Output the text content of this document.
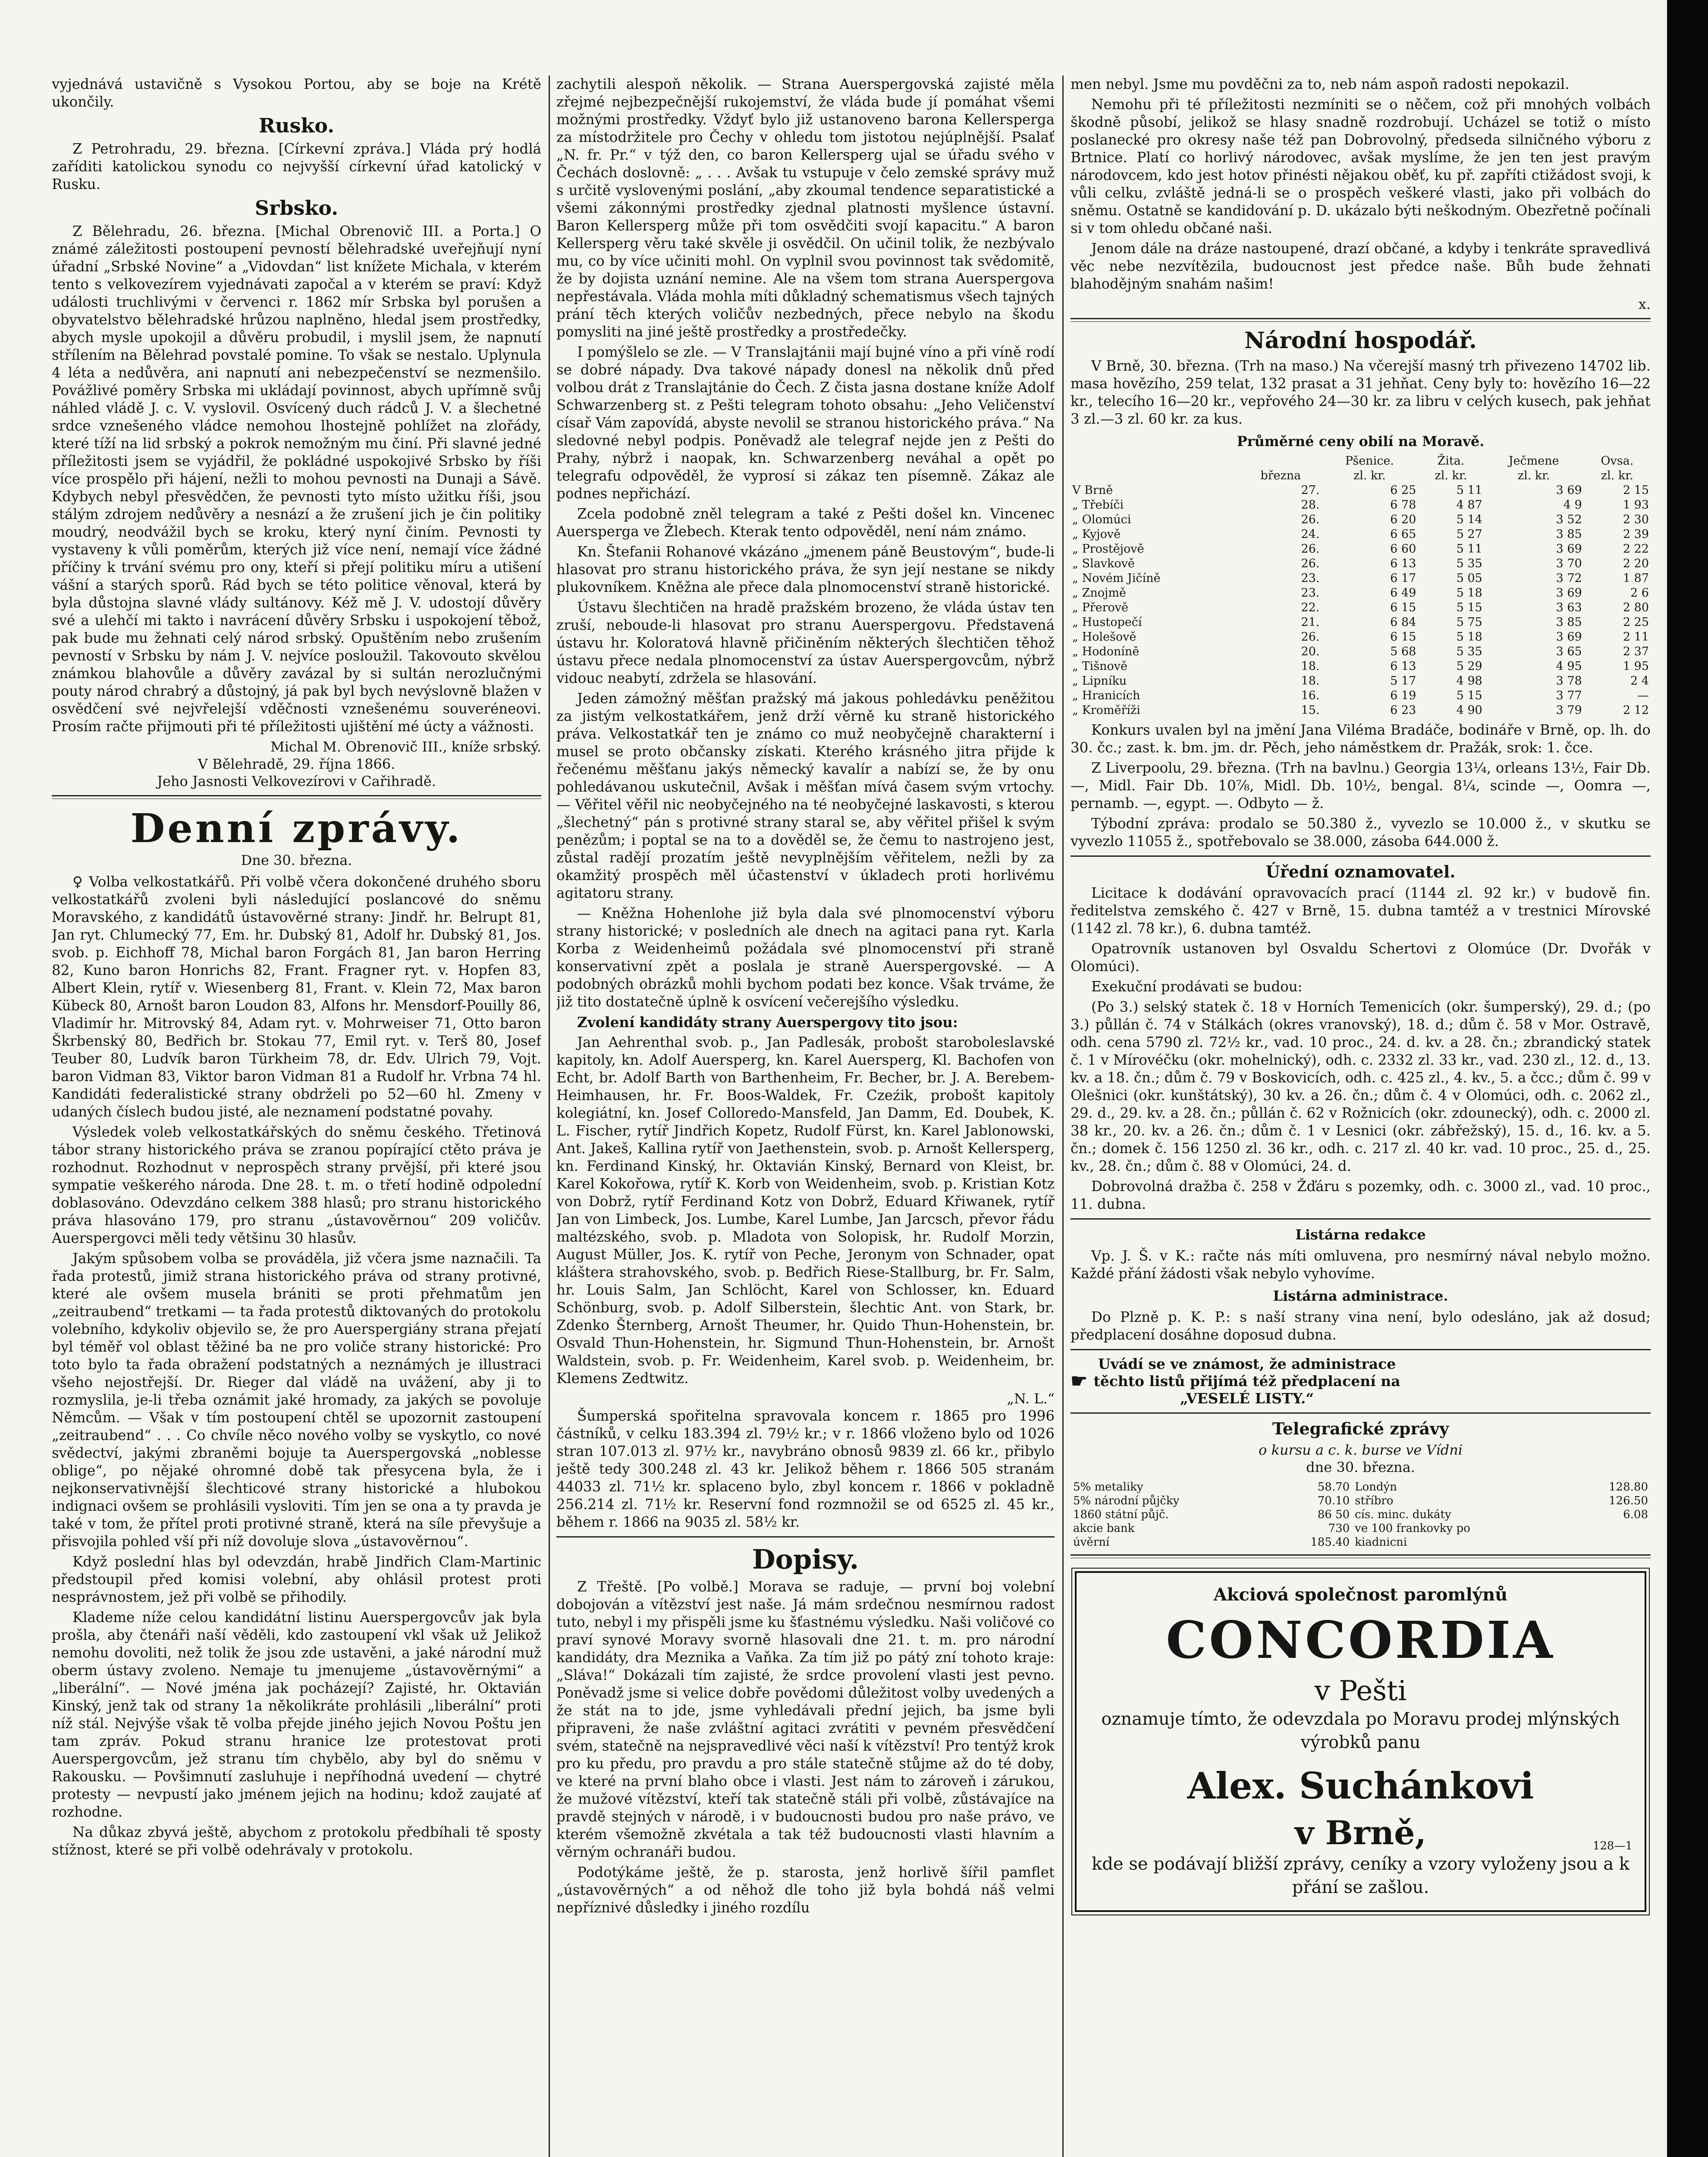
vyjednává ustavičně s Vysokou Portou, aby se boje na Krétě ukončily.

Rusko.

Z Petrohradu, 29. března. [Církevní zpráva.] Vláda prý hodlá zaříditi katolickou synodu co nejvyšší církevní úřad katolický v Rusku.

Srbsko.

Z Bělehradu, 26. března. [Michal Obrenovič III. a Porta.] O známé záležitosti postoupení pevností bělehradské uveřejňují nyní úřadní „Srbské Novine“ a „Vidovdan“ list knížete Michala, v kterém tento s velkovezírem vyjednávati započal a v kterém se praví: Když události truchlivými v červenci r. 1862 mír Srbska byl porušen a obyvatelstvo bělehradské hrůzou naplněno, hledal jsem prostředky, abych mysle upokojil a důvěru probudil, i myslil jsem, že napnutí střílením na Bělehrad povstalé pomine. To však se nestalo. Uplynula 4 léta a nedůvěra, ani napnutí ani nebezpečenství se nezmenšilo. Povážlivé poměry Srbska mi ukládají povinnost, abych upřímně svůj náhled vládě J. c. V. vyslovil. Osvícený duch rádců J. V. a šlechetné srdce vznešeného vládce nemohou lhostejně pohlížet na zlořády, které tíží na lid srbský a pokrok nemožným mu činí. Při slavné jedné příležitosti jsem se vyjádřil, že pokládné uspokojivé Srbsko by říši více prospělo při hájení, nežli to mohou pevnosti na Dunaji a Sávě. Kdybych nebyl přesvědčen, že pevnosti tyto místo užitku říši, jsou stálým zdrojem nedůvěry a nesnází a že zrušení jich je čin politiky moudrý, neodvážil bych se kroku, který nyní činím. Pevnosti ty vystaveny k vůli poměrům, kterých již více není, nemají více žádné příčiny k trvání svému pro ony, kteří si přejí politiku míru a utišení vášní a starých sporů. Rád bych se této politice věnoval, která by byla důstojna slavné vlády sultánovy. Kéž mě J. V. udostojí důvěry své a ulehčí mi takto i navrácení důvěry Srbsku i uspokojení těbož, pak bude mu žehnati celý národ srbský. Opuštěním nebo zrušením pevností v Srbsku by nám J. V. nejvíce posloužil. Takovouto skvělou známkou blahovůle a důvěry zavázal by si sultán nerozlučnými pouty národ chrabrý a důstojný, já pak byl bych nevýslovně blažen v osvědčení své nejvřelejší vděčnosti vznešenému souveréneovi. Prosím račte přijmouti při té příležitosti ujištění mé úcty a vážnosti.

Michal M. Obrenovič III., kníže srbský.

V Bělehradě, 29. října 1866.

Jeho Jasnosti Velkovezírovi v Cařihradě.

Denní zprávy.
Dne 30. března.

♀ Volba velkostatkářů. Při volbě včera dokončené druhého sboru velkostatkářů zvoleni byli následující poslancové do sněmu Moravského, z kandidátů ústavověrné strany: Jindř. hr. Belrupt 81, Jan ryt. Chlumecký 77, Em. hr. Dubský 81, Adolf hr. Dubský 81, Jos. svob. p. Eichhoff 78, Michal baron Forgách 81, Jan baron Herring 82, Kuno baron Honrichs 82, Frant. Fragner ryt. v. Hopfen 83, Albert Klein, rytíř v. Wiesenberg 81, Frant. v. Klein 72, Max baron Kübeck 80, Arnošt baron Loudon 83, Alfons hr. Mensdorf-Pouilly 86, Vladimír hr. Mitrovský 84, Adam ryt. v. Mohrweiser 71, Otto baron Škrbenský 80, Bedřich br. Stokau 77, Emil ryt. v. Terš 80, Josef Teuber 80, Ludvík baron Türkheim 78, dr. Edv. Ulrich 79, Vojt. baron Vidman 83, Viktor baron Vidman 81 a Rudolf hr. Vrbna 74 hl. Kandidáti federalistické strany obdrželi po 52—60 hl. Zmeny v udaných číslech budou jisté, ale neznamení podstatné povahy.

Výsledek voleb velkostatkářských do sněmu českého. Třetinová tábor strany historického práva se zranou popírající ctěto práva je rozhodnut. Rozhodnut v neprospěch strany prvější, při které jsou sympatie veškerého národa. Dne 28. t. m. o třetí hodině odpolední doblasováno. Odevzdáno celkem 388 hlasů; pro stranu historického práva hlasováno 179, pro stranu „ústavověrnou“ 209 voličův. Auerspergovci měli tedy většinu 30 hlasův.

Jakým spůsobem volba se prováděla, již včera jsme naznačili. Ta řada protestů, jimiž strana historického práva od strany protivné, které ale ovšem musela brániti se proti přehmatům jen „zeitraubend“ tretkami — ta řada protestů diktovaných do protokolu volebního, kdykoliv objevilo se, že pro Auerspergiány strana přejatí byl téměř vol oblast těžiné ba ne pro voliče strany historické: Pro toto bylo ta řada obražení podstatných a neznámých je illustraci všeho nejostřejší. Dr. Rieger dal vládě na uvážení, aby ji to rozmyslila, je-li třeba oznámit jaké hromady, za jakých se povoluje Němcům. — Však v tím postoupení chtěl se upozornit zastoupení „zeitraubend“ . . . Co chvíle něco nového volby se vyskytlo, co nové svědectví, jakými zbraněmi bojuje ta Auerspergovská „noblesse oblige“, po nějaké ohromné době tak přesycena byla, že i nejkonservativnější šlechticové strany historické a hlubokou indignaci ovšem se prohlásili vysloviti. Tím jen se ona a ty pravda je také v tom, že přítel proti protivné straně, která na síle převyšuje a přisvojila pohled vší při níž dovoluje slova „ústavověrnou“.

Když poslední hlas byl odevzdán, hrabě Jindřich Clam-Martinic předstoupil před komisi volební, aby ohlásil protest proti nesprávnostem, jež při volbě se přihodily.

Klademe níže celou kandidátní listinu Auerspergovcův jak byla prošla, aby čtenáři naší věděli, kdo zastoupení vkl však už Jelikož nemohu dovoliti, než tolik že jsou zde ustavěni, a jaké národní muž oberm ústavy zvoleno. Nemaje tu jmenujeme „ústavověrnými“ a „liberální“. — Nové jména jak pocházejí? Zajisté, hr. Oktavián Kinský, jenž tak od strany 1a několikráte prohlásili „liberální“ proti níž stál. Nejvýše však tě volba přejde jiného jejich Novou Poštu jen tam zpráv. Pokud stranu hranice lze protestovat proti Auerspergovcům, jež stranu tím chybělo, aby byl do sněmu v Rakousku. — Povšimnutí zasluhuje i nepříhodná uvedení — chytré protesty — nevpustí jako jménem jejich na hodinu; kdož zaujaté ať rozhodne.

Na důkaz zbyvá ještě, abychom z protokolu předbíhali tě sposty stížnost, které se při volbě odehrávaly v protokolu.

zachytili alespoň několik. — Strana Auerspergovská zajisté měla zřejmé nejbezpečnější rukojemství, že vláda bude jí pomáhat všemi možnými prostředky. Vždyť bylo již ustanoveno barona Kellersperga za místodržitele pro Čechy v ohledu tom jistotou nejúplnější. Psalať „N. fr. Pr.“ v týž den, co baron Kellersperg ujal se úřadu svého v Čechách doslovně: „ . . . Avšak tu vstupuje v čelo zemské správy muž s určitě vyslovenými poslání, „aby zkoumal tendence separatistické a všemi zákonnými prostředky zjednal platnosti myšlence ústavní. Baron Kellersperg může při tom osvědčiti svojí kapacitu.“ A baron Kellersperg věru také skvěle ji osvědčil. On učinil tolik, že nezbývalo mu, co by více učiniti mohl. On vyplnil svou povinnost tak svědomitě, že by dojista uznání nemine. Ale na všem tom strana Auerspergova nepřestávala. Vláda mohla míti důkladný schematismus všech tajných prání těch kterých voličův nezbedných, přece nebylo na škodu pomysliti na jiné ještě prostředky a prostředečky.

I pomýšlelo se zle. — V Translajtánii mají bujné víno a při víně rodí se dobré nápady. Dva takové nápady donesl na několik dnů před volbou drát z Translajtánie do Čech. Z čista jasna dostane kníže Adolf Schwarzenberg st. z Pešti telegram tohoto obsahu: „Jeho Veličenství císař Vám zapovídá, abyste nevolil se stranou historického práva.“ Na sledovné nebyl podpis. Poněvadž ale telegraf nejde jen z Pešti do Prahy, nýbrž i naopak, kn. Schwarzenberg neváhal a opět po telegrafu odpověděl, že vyprosí si zákaz ten písemně. Zákaz ale podnes nepřichází.

Zcela podobně zněl telegram a také z Pešti došel kn. Vincenec Auersperga ve Žlebech. Kterak tento odpověděl, není nám známo.

Kn. Štefanii Rohanové vkázáno „jmenem páně Beustovým“, bude-li hlasovat pro stranu historického práva, že syn její nestane se nikdy plukovníkem. Kněžna ale přece dala plnomocenství straně historické.

Ústavu šlechtičen na hradě pražském brozeno, že vláda ústav ten zruší, neboude-li hlasovat pro stranu Auerspergovu. Představená ústavu hr. Koloratová hlavně přičiněním některých šlechtičen těhož ústavu přece nedala plnomocenství za ústav Auerspergovcům, nýbrž vidouc neabytí, zdržela se hlasování.

Jeden zámožný měšťan pražský má jakous pohledávku peněžitou za jistým velkostatkářem, jenž drží věrně ku straně historického práva. Velkostatkář ten je známo co muž neobyčejně charakterní i musel se proto občansky získati. Kterého krásného jitra přijde k řečenému měšťanu jakýs německý kavalír a nabízí se, že by onu pohledávanou uskutečnil, Avšak i měšťan mívá časem svým vrtochy. — Věřitel věřil nic neobyčejného na té neobyčejné laskavosti, s kterou „šlechetný“ pán s protivné strany staral se, aby věřitel přišel k svým penězům; i poptal se na to a dověděl se, že čemu to nastrojeno jest, zůstal radějí prozatím ještě nevyplnějším věřitelem, nežli by za okamžitý prospěch měl účastenství v úkladech proti horlivému agitatoru strany.

— Kněžna Hohenlohe již byla dala své plnomocenství výboru strany historické; v posledních ale dnech na agitaci pana ryt. Karla Korba z Weidenheimů požádala své plnomocenství při straně konservativní zpět a poslala je straně Auerspergovské. — A podobných obrázků mohli bychom podati bez konce. Však trváme, že již tito dostatečně úplně k osvícení večerejšího výsledku.

Zvolení kandidáty strany Auerspergovy tito jsou:

Jan Aehrenthal svob. p., Jan Padlesák, probošt staroboleslavské kapitoly, kn. Adolf Auersperg, kn. Karel Auersperg, Kl. Bachofen von Echt, br. Adolf Barth von Barthenheim, Fr. Becher, br. J. A. Berebem-Heimhausen, hr. Fr. Boos-Waldek, Fr. Czeźik, probošt kapitoly kolegiátní, kn. Josef Colloredo-Mansfeld, Jan Damm, Ed. Doubek, K. L. Fischer, rytíř Jindřich Kopetz, Rudolf Fürst, kn. Karel Jablonowski, Ant. Jakeš, Kallina rytíř von Jaethenstein, svob. p. Arnošt Kellersperg, kn. Ferdinand Kinský, hr. Oktavián Kinský, Bernard von Kleist, br. Karel Kokořowa, rytíř K. Korb von Weidenheim, svob. p. Kristian Kotz von Dobrž, rytíř Ferdinand Kotz von Dobrž, Eduard Křiwanek, rytíř Jan von Limbeck, Jos. Lumbe, Karel Lumbe, Jan Jarcsch, převor řádu maltézského, svob. p. Mladota von Solopisk, hr. Rudolf Morzin, August Müller, Jos. K. rytíř von Peche, Jeronym von Schnader, opat kláštera strahovského, svob. p. Bedřich Riese-Stallburg, br. Fr. Salm, hr. Louis Salm, Jan Schlöcht, Karel von Schlosser, kn. Eduard Schönburg, svob. p. Adolf Silberstein, šlechtic Ant. von Stark, br. Zdenko Šternberg, Arnošt Theumer, hr. Quido Thun-Hohenstein, br. Osvald Thun-Hohenstein, hr. Sigmund Thun-Hohenstein, br. Arnošt Waldstein, svob. p. Fr. Weidenheim, Karel svob. p. Weidenheim, br. Klemens Zedtwitz.

„N. L.“

Šumperská spořitelna spravovala koncem r. 1865 pro 1996 částníků, v celku 183.394 zl. 79½ kr.; v r. 1866 vloženo bylo od 1026 stran 107.013 zl. 97½ kr., navybráno obnosů 9839 zl. 66 kr., přibylo ještě tedy 300.248 zl. 43 kr. Jelikož během r. 1866 505 stranám 44033 zl. 71½ kr. splaceno bylo, zbyl koncem r. 1866 v pokladně 256.214 zl. 71½ kr. Reservní fond rozmnožil se od 6525 zl. 45 kr., během r. 1866 na 9035 zl. 58½ kr.

Dopisy.

Z Třeště. [Po volbě.] Morava se raduje, — první boj volební dobojován a vítězství jest naše. Já mám srdečnou nesmírnou radost tuto, nebyl i my přispěli jsme ku šťastnému výsledku. Naši voličové co praví synové Moravy svorně hlasovali dne 21. t. m. pro národní kandidáty, dra Meznika a Vaňka. Za tím již po pátý zní tohoto kraje: „Sláva!“ Dokázali tím zajisté, že srdce provolení vlasti jest pevno. Poněvadž jsme si velice dobře povědomi důležitost volby uvedených a že stát na to jde, jsme vyhledávali přední jejich, ba jsme byli připraveni, že naše zvláštní agitaci zvrátiti v pevném přesvědčení svém, statečně na nejspravedlivé věci naší k vítězství! Pro tentýž krok pro ku předu, pro pravdu a pro stále statečně stůjme až do té doby, ve které na první blaho obce i vlasti. Jest nám to zároveň i zárukou, že mužové vítězství, kteří tak statečně stáli při volbě, zůstávajíce na pravdě stejných v národě, i v budoucnosti budou pro naše právo, ve kterém všemožně zkvétala a tak též budoucnosti vlasti hlavním a věrným ochranáři budou.

Podotýkáme ještě, že p. starosta, jenž horlivě šířil pamflet „ústavověrných“ a od něhož dle toho již byla bohdá náš velmi nepříznivé důsledky i jiného rozdílu

men nebyl. Jsme mu povděčni za to, neb nám aspoň radosti nepokazil.

Nemohu při té příležitosti nezmíniti se o něčem, což při mnohých volbách škodně působí, jelikož se hlasy snadně rozdrobují. Ucházel se totiž o místo poslanecké pro okresy naše též pan Dobrovolný, předseda silničného výboru z Brtnice. Platí co horlivý národovec, avšak myslíme, že jen ten jest pravým národovcem, kdo jest hotov přinésti nějakou oběť, ku př. zapříti ctižádost svoji, k vůli celku, zvláště jedná-li se o prospěch veškeré vlasti, jako při volbách do sněmu. Ostatně se kandidování p. D. ukázalo býti neškodným. Obezřetně počínali si v tom ohledu občané naši.

Jenom dále na dráze nastoupené, drazí občané, a kdyby i tenkráte spravedlivá věc nebe nezvítězila, budoucnost jest předce naše. Bůh bude žehnati blahodějným snahám našim!

x.

Národní hospodář.

V Brně, 30. března. (Trh na maso.) Na včerejší masný trh přivezeno 14702 lib. masa hovězího, 259 telat, 132 prasat a 31 jehňat. Ceny byly to: hovězího 16—22 kr., telecího 16—20 kr., vepřového 24—30 kr. za libru v celých kusech, pak jehňat 3 zl.—3 zl. 60 kr. za kus.

Průměrné ceny obilí na Moravě.
		Pšenice.	Žita.	Ječmene	Ovsa.
	března	zl. kr.	zl. kr.	zl. kr.	zl. kr.
V Brně	27.	6 25	5 11	3 69	2 15
„ Třebíči	28.	6 78	4 87	4 9	1 93
„ Olomúci	26.	6 20	5 14	3 52	2 30
„ Kyjově	24.	6 65	5 27	3 85	2 39
„ Prostějově	26.	6 60	5 11	3 69	2 22
„ Slavkově	26.	6 13	5 35	3 70	2 20
„ Novém Jičíně	23.	6 17	5 05	3 72	1 87
„ Znojmě	23.	6 49	5 18	3 69	2 6
„ Přerově	22.	6 15	5 15	3 63	2 80
„ Hustopečí	21.	6 84	5 75	3 85	2 25
„ Holešově	26.	6 15	5 18	3 69	2 11
„ Hodoníně	20.	5 68	5 35	3 65	2 37
„ Tišnově	18.	6 13	5 29	4 95	1 95
„ Lipníku	18.	5 17	4 98	3 78	2 4
„ Hranicích	16.	6 19	5 15	3 77	—
„ Kroměříži	15.	6 23	4 90	3 79	2 12

Konkurs uvalen byl na jmění Jana Viléma Bradáče, bodináře v Brně, op. lh. do 30. čc.; zast. k. bm. jm. dr. Pěch, jeho náměstkem dr. Pražák, srok: 1. čce.

Z Liverpoolu, 29. března. (Trh na bavlnu.) Georgia 13¼, orleans 13½, Fair Db. —, Midl. Fair Db. 10⅞, Midl. Db. 10½, bengal. 8¼, scinde —, Oomra —, pernamb. —, egypt. —. Odbyto — ž.

Týbodní zpráva: prodalo se 50.380 ž., vyvezlo se 10.000 ž., v skutku se vyvezlo 11055 ž., spotřebovalo se 38.000, zásoba 644.000 ž.

Úřední oznamovatel.

Licitace k dodávání opravovacích prací (1144 zl. 92 kr.) v budově fin. ředitelstva zemského č. 427 v Brně, 15. dubna tamtéž a v trestnici Mírovské (1142 zl. 78 kr.), 6. dubna tamtéž.

Opatrovník ustanoven byl Osvaldu Schertovi z Olomúce (Dr. Dvořák v Olomúci).

Exekuční prodávati se budou:

(Po 3.) selský statek č. 18 v Horních Temenicích (okr. šumperský), 29. d.; (po 3.) půllán č. 74 v Stálkách (okres vranovský), 18. d.; dům č. 58 v Mor. Ostravě, odh. cena 5790 zl. 72½ kr., vad. 10 proc., 24. d. kv. a 28. čn.; zbrandický statek č. 1 v Mírovéčku (okr. mohelnický), odh. c. 2332 zl. 33 kr., vad. 230 zl., 12. d., 13. kv. a 18. čn.; dům č. 79 v Boskovicích, odh. c. 425 zl., 4. kv., 5. a čcc.; dům č. 99 v Olešnici (okr. kunštátský), 30 kv. a 26. čn.; dům č. 4 v Olomúci, odh. c. 2062 zl., 29. d., 29. kv. a 28. čn.; půllán č. 62 v Rožnicích (okr. zdounecký), odh. c. 2000 zl. 38 kr., 20. kv. a 26. čn.; dům č. 1 v Lesnici (okr. zábřežský), 15. d., 16. kv. a 5. čn.; domek č. 156 1250 zl. 36 kr., odh. c. 217 zl. 40 kr. vad. 10 proc., 25. d., 25. kv., 28. čn.; dům č. 88 v Olomúci, 24. d.

Dobrovolná dražba č. 258 v Žďáru s pozemky, odh. c. 3000 zl., vad. 10 proc., 11. dubna.

Listárna redakce

Vp. J. Š. v K.: račte nás míti omluvena, pro nesmírný nával nebylo možno. Každé přání žádosti však nebylo vyhovíme.

Listárna administrace.

Do Plzně p. K. P.: s naší strany vina není, bylo odesláno, jak až dosud; předplacení dosáhne doposud dubna.

☛
Uvádí se ve známost, že administrace
těchto listů přijímá též předplacení na
„VESELÉ LISTY.“
Telegrafické zprávy
o kursu a c. k. burse ve Vídni
dne 30. března.
5% metaliky	58.70	Londýn	128.80
5% národní půjčky	70.10	stříbro	126.50
1860 státní půjč.	86 50	cís. minc. dukáty	6.08
akcie bank	730	ve 100 frankovky po	
úvěrní	185.40	kiadnicni	
Akciová společnost paromlýnů
CONCORDIA
v Pešti
oznamuje tímto, že odevzdala po Moravu prodej mlýnských výrobků panu
Alex. Suchánkovi
v Brně,	128—1
kde se podávají bližší zprávy, ceníky a vzory vyloženy jsou a k přání se zašlou.
